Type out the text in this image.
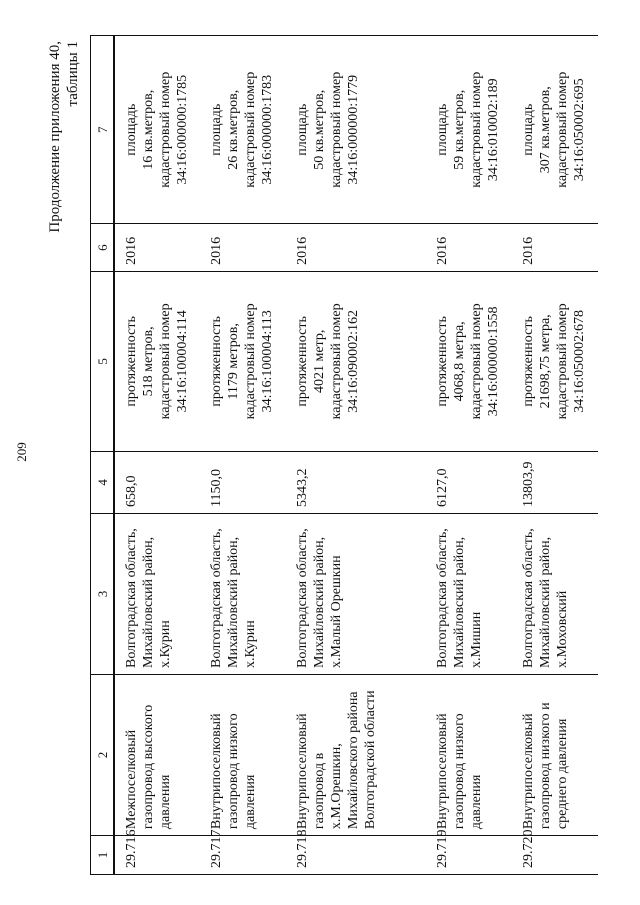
209
Продолжение приложения 40, таблицы 1
1	2	3	4	5	6	7
29.716	Межпоселковый газопровод высокого давления	Волгоградская область, Михайловский район, х.Курин	658,0	протяженность 518 метров, кадастровый номер 34:16:100004:114	2016	площадь 16 кв.метров, кадастровый номер 34:16:000000:1785

29.717	Внутрипоселковый газопровод низкого давления	Волгоградская область, Михайловский район, х.Курин	1150,0	протяженность 1179 метров, кадастровый номер 34:16:100004:113	2016	площадь 26 кв.метров, кадастровый номер 34:16:000000:1783

29.718	Внутрипоселковый газопровод в х.М.Орешкин, Михайловского района Волгоградской области	Волгоградская область, Михайловский район, х.Малый Орешкин	5343,2	протяженность 4021 метр, кадастровый номер 34:16:090002:162	2016	площадь 50 кв.метров, кадастровый номер 34:16:000000:1779

29.719	Внутрипоселковый газопровод низкого давления	Волгоградская область, Михайловский район, х.Мишин	6127,0	протяженность 4068,8 метра, кадастровый номер 34:16:000000:1558	2016	площадь 59 кв.метров, кадастровый номер 34:16:010002:189

29.720	Внутрипоселковый газопровод низкого и среднего давления	Волгоградская область, Михайловский район, х.Моховский	13803,9	протяженность 21698,75 метра, кадастровый номер 34:16:050002:678	2016	площадь 307 кв.метров, кадастровый номер 34:16:050002:695
